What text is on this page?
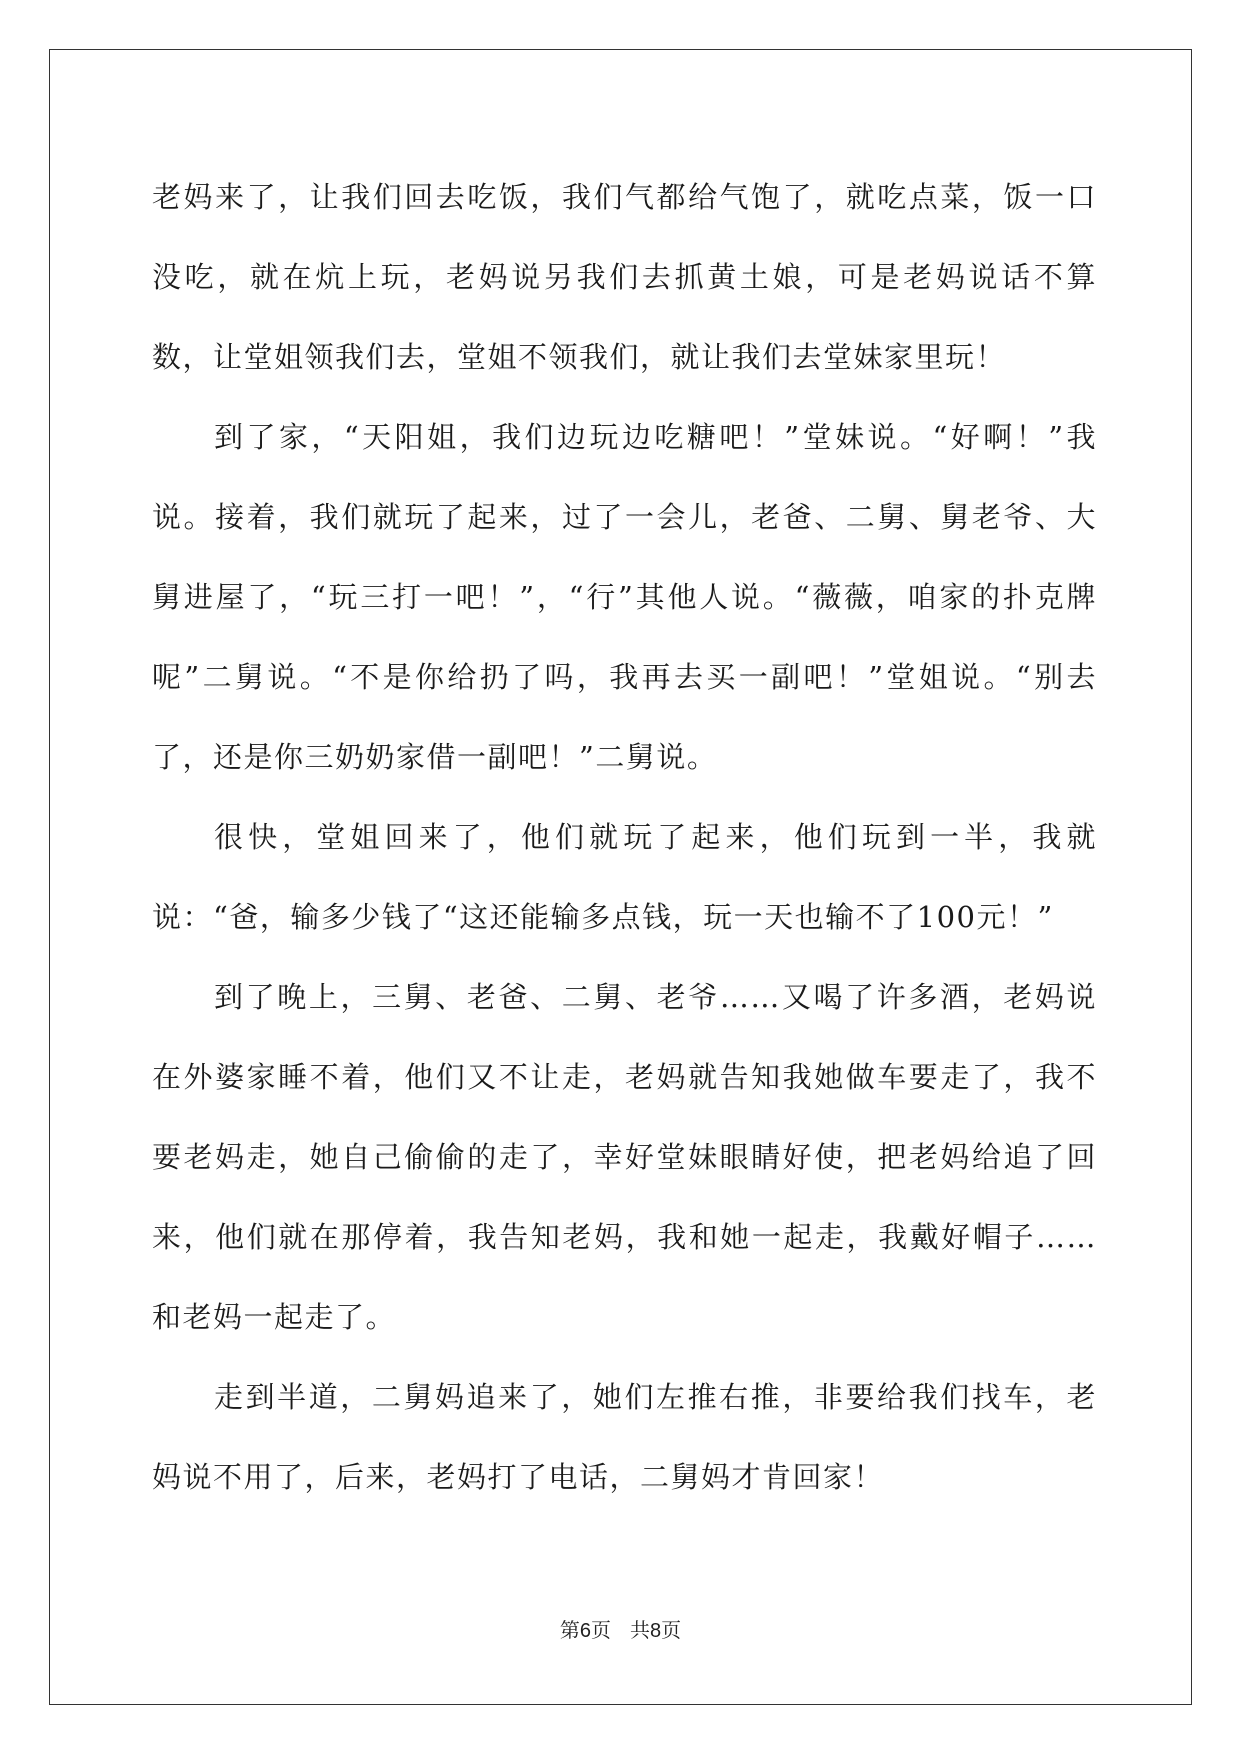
老妈来了，让我们回去吃饭，我们气都给气饱了，就吃点菜，饭一口没吃，就在炕上玩，老妈说另我们去抓黄土娘，可是老妈说话不算数，让堂姐领我们去，堂姐不领我们，就让我们去堂妹家里玩！

到了家，“天阳姐，我们边玩边吃糖吧！”堂妹说。“好啊！”我说。接着，我们就玩了起来，过了一会儿，老爸、二舅、舅老爷、大舅进屋了，“玩三打一吧！”，“行”其他人说。“薇薇，咱家的扑克牌呢”二舅说。“不是你给扔了吗，我再去买一副吧！”堂姐说。“别去了，还是你三奶奶家借一副吧！”二舅说。

很快，堂姐回来了，他们就玩了起来，他们玩到一半，我就说：“爸，输多少钱了“这还能输多点钱，玩一天也输不了100元！”

到了晚上，三舅、老爸、二舅、老爷……又喝了许多酒，老妈说在外婆家睡不着，他们又不让走，老妈就告知我她做车要走了，我不要老妈走，她自己偷偷的走了，幸好堂妹眼睛好使，把老妈给追了回来，他们就在那停着，我告知老妈，我和她一起走，我戴好帽子……和老妈一起走了。

走到半道，二舅妈追来了，她们左推右推，非要给我们找车，老妈说不用了，后来，老妈打了电话，二舅妈才肯回家！

第6页 共8页
